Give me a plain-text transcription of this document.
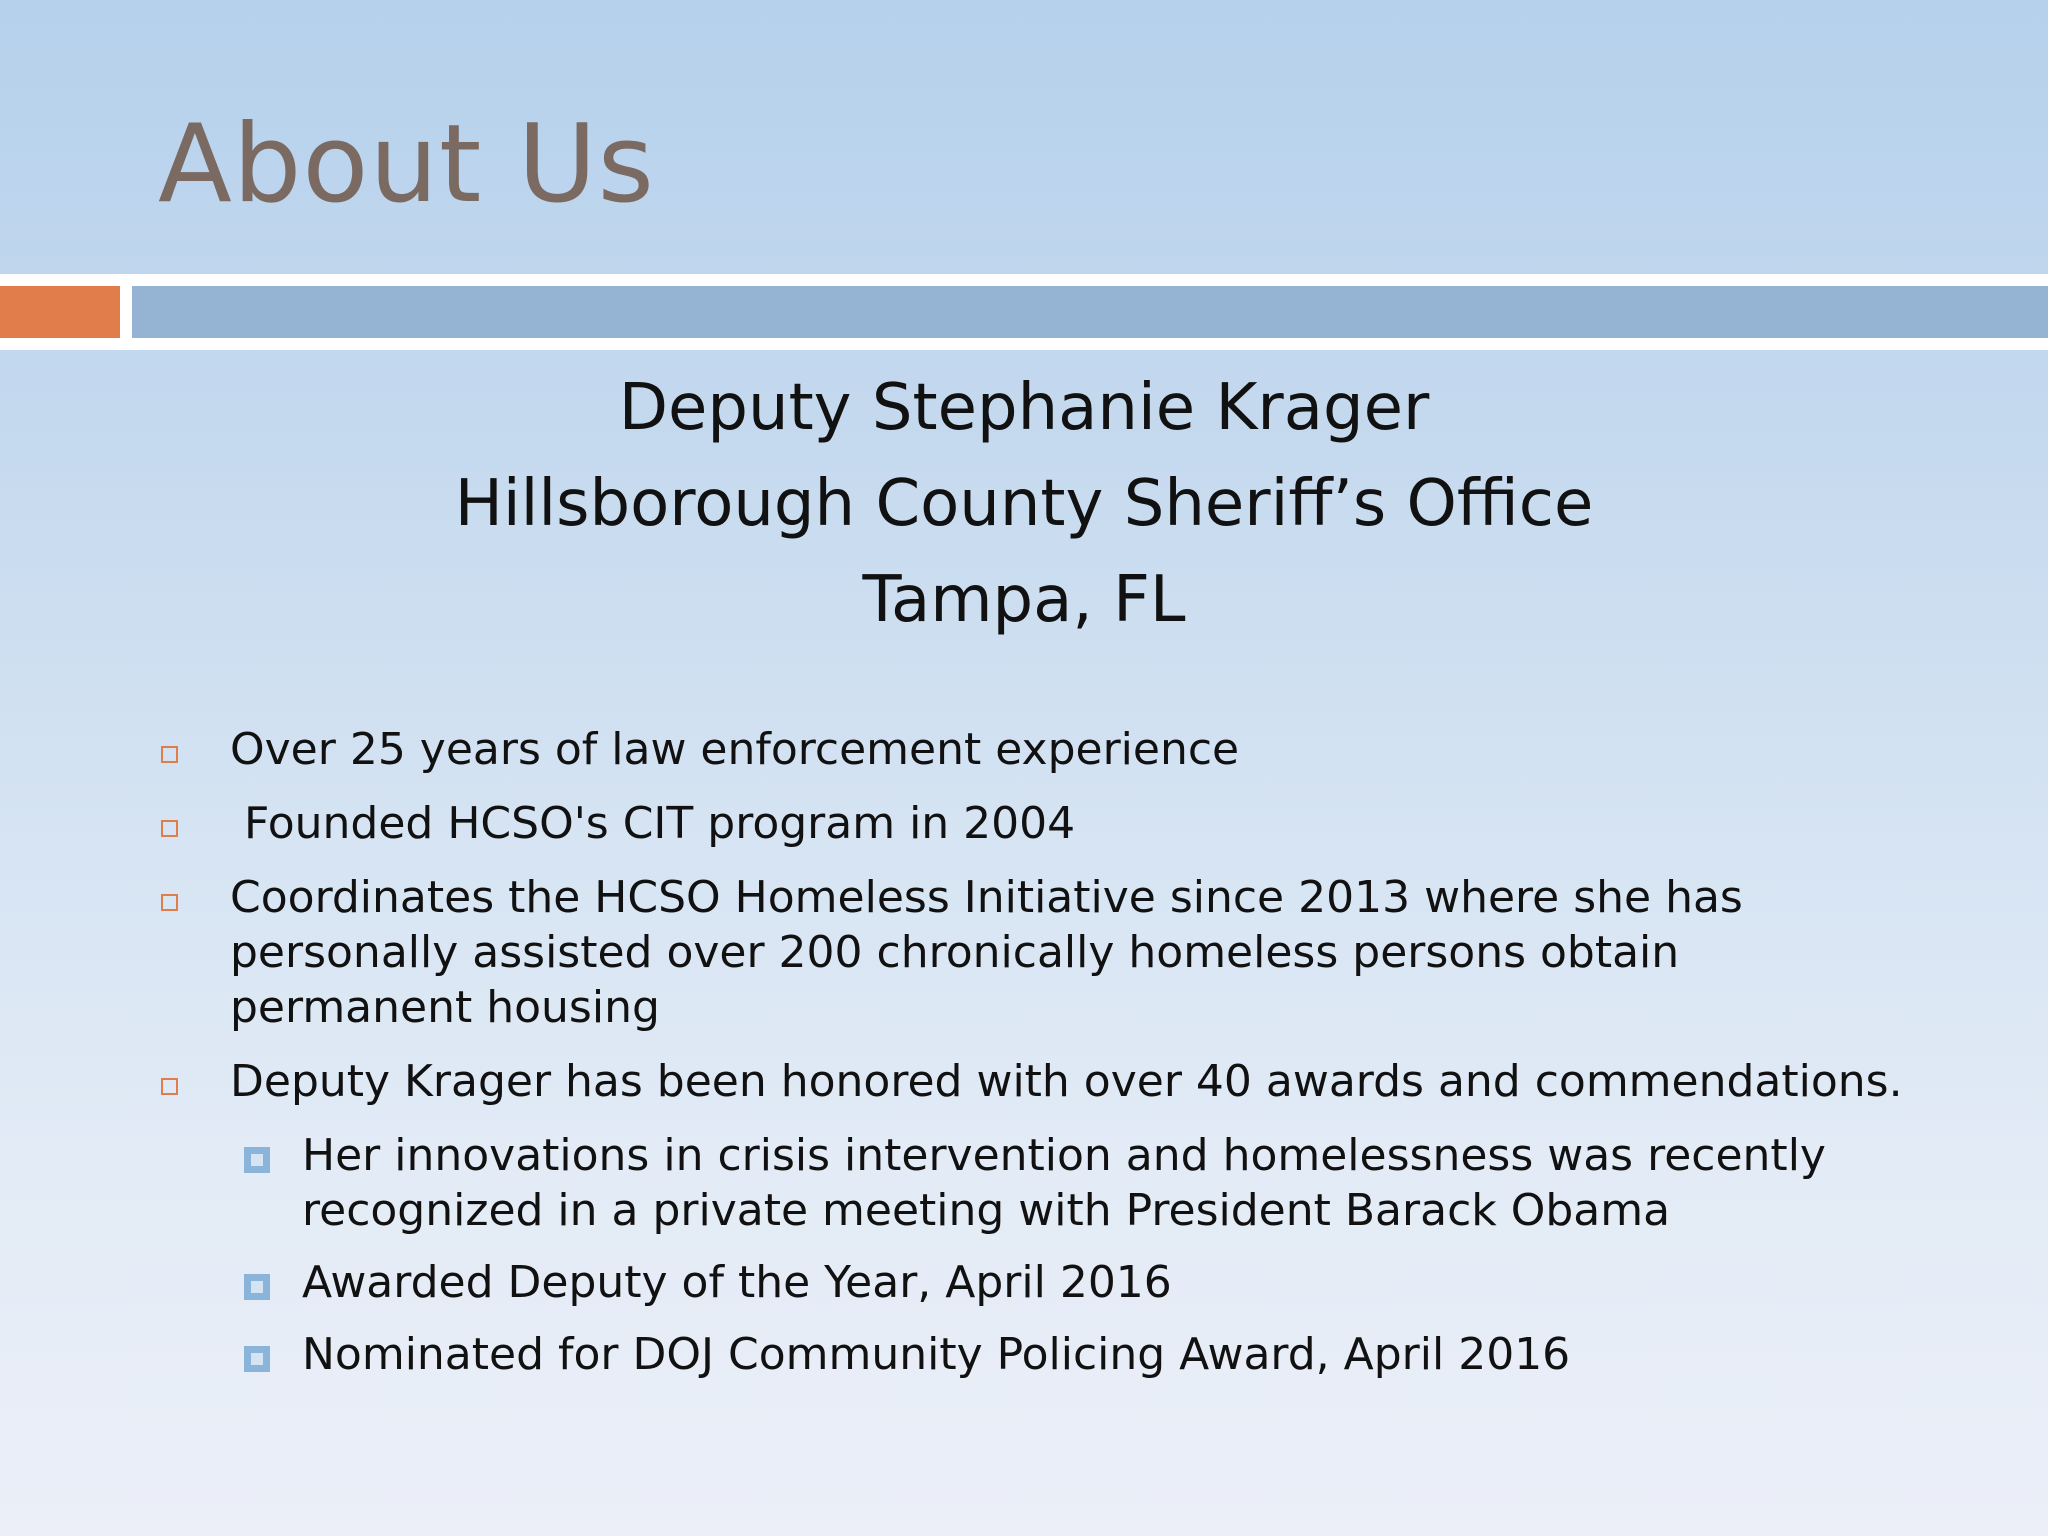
About Us
Deputy Stephanie Krager
Hillsborough County Sheriff’s Office
Tampa, FL
Over 25 years of law enforcement experience
Founded HCSO's CIT program in 2004
Coordinates the HCSO Homeless Initiative since 2013 where she has
personally assisted over 200 chronically homeless persons obtain
permanent housing
Deputy Krager has been honored with over 40 awards and commendations.
Her innovations in crisis intervention and homelessness was recently
recognized in a private meeting with President Barack Obama
Awarded Deputy of the Year, April 2016
Nominated for DOJ Community Policing Award, April 2016
